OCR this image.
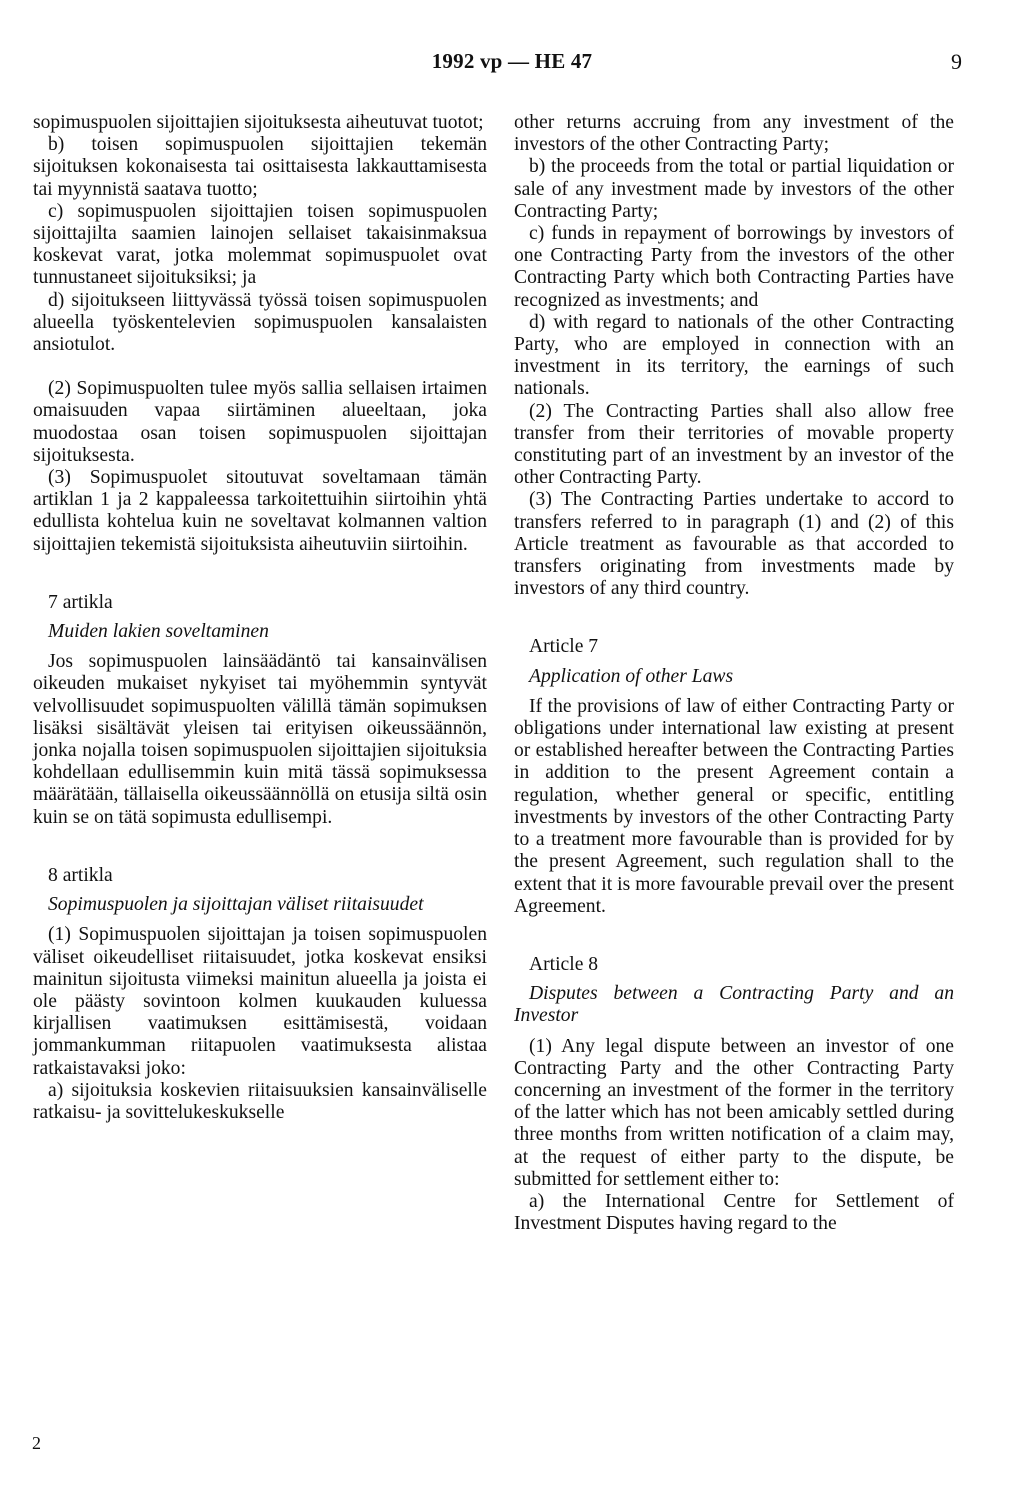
1992 vp — HE 47	9

sopimuspuolen sijoittajien sijoituksesta aiheutuvat tuotot;

b) toisen sopimuspuolen sijoittajien tekemän sijoituksen kokonaisesta tai osittaisesta lakkauttamisesta tai myynnistä saatava tuotto;

c) sopimuspuolen sijoittajien toisen sopimuspuolen sijoittajilta saamien lainojen sellaiset takaisinmaksua koskevat varat, jotka molemmat sopimuspuolet ovat tunnustaneet sijoituksiksi; ja

d) sijoitukseen liittyvässä työssä toisen sopimuspuolen alueella työskentelevien sopimuspuolen kansalaisten ansiotulot.

(2) Sopimuspuolten tulee myös sallia sellaisen irtaimen omaisuuden vapaa siirtäminen alueeltaan, joka muodostaa osan toisen sopimuspuolen sijoittajan sijoituksesta.

(3) Sopimuspuolet sitoutuvat soveltamaan tämän artiklan 1 ja 2 kappaleessa tarkoitettuihin siirtoihin yhtä edullista kohtelua kuin ne soveltavat kolmannen valtion sijoittajien tekemistä sijoituksista aiheutuviin siirtoihin.

7 artikla

Muiden lakien soveltaminen

Jos sopimuspuolen lainsäädäntö tai kansainvälisen oikeuden mukaiset nykyiset tai myöhemmin syntyvät velvollisuudet sopimuspuolten välillä tämän sopimuksen lisäksi sisältävät yleisen tai erityisen oikeussäännön, jonka nojalla toisen sopimuspuolen sijoittajien sijoituksia kohdellaan edullisemmin kuin mitä tässä sopimuksessa määrätään, tällaisella oikeussäännöllä on etusija siltä osin kuin se on tätä sopimusta edullisempi.

8 artikla

Sopimuspuolen ja sijoittajan väliset riitaisuudet

(1) Sopimuspuolen sijoittajan ja toisen sopimuspuolen väliset oikeudelliset riitaisuudet, jotka koskevat ensiksi mainitun sijoitusta viimeksi mainitun alueella ja joista ei ole päästy sovintoon kolmen kuukauden kuluessa kirjallisen vaatimuksen esittämisestä, voidaan jommankumman riitapuolen vaatimuksesta alistaa ratkaistavaksi joko:

a) sijoituksia koskevien riitaisuuksien kansainväliselle ratkaisu- ja sovittelukeskukselle

other returns accruing from any investment of the investors of the other Contracting Party;

b) the proceeds from the total or partial liquidation or sale of any investment made by investors of the other Contracting Party;

c) funds in repayment of borrowings by investors of one Contracting Party from the investors of the other Contracting Party which both Contracting Parties have recognized as investments; and

d) with regard to nationals of the other Contracting Party, who are employed in connection with an investment in its territory, the earnings of such nationals.

(2) The Contracting Parties shall also allow free transfer from their territories of movable property constituting part of an investment by an investor of the other Contracting Party.

(3) The Contracting Parties undertake to accord to transfers referred to in paragraph (1) and (2) of this Article treatment as favourable as that accorded to transfers originating from investments made by investors of any third country.

Article 7

Application of other Laws

If the provisions of law of either Contracting Party or obligations under international law existing at present or established hereafter between the Contracting Parties in addition to the present Agreement contain a regulation, whether general or specific, entitling investments by investors of the other Contracting Party to a treatment more favourable than is provided for by the present Agreement, such regulation shall to the extent that it is more favourable prevail over the present Agreement.

Article 8

Disputes between a Contracting Party and an Investor

(1) Any legal dispute between an investor of one Contracting Party and the other Contracting Party concerning an investment of the former in the territory of the latter which has not been amicably settled during three months from written notification of a claim may, at the request of either party to the dispute, be submitted for settlement either to:

a) the International Centre for Settlement of Investment Disputes having regard to the

2
